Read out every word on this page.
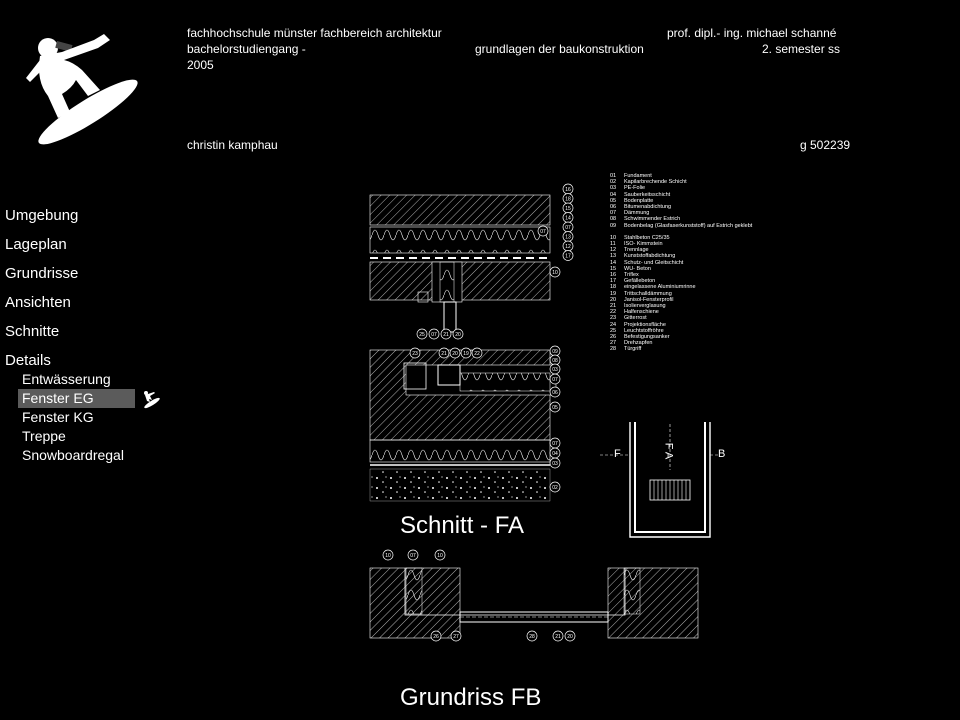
fachhochschule münster fachbereich architektur
bachelorstudiengang -
2005
grundlagen der baukonstruktion
prof. dipl.- ing. michael schanné
2. semester ss
christin kamphau	g 502239
Umgebung
Lageplan
Grundrisse
Ansichten
Schnitte
Details
Entwässerung
Fenster EG
Fenster KG
Treppe
Snowboardregal
01	Fundament
02	Kapilarbrechende Schicht
03	PE-Folie
04	Sauberkeitsschicht
05	Bodenplatte
06	Bitumenabdichtung
07	Dämmung
08	Schwimmender Estrich
09	Bodenbelag (Glasfaserkunststoff) auf Estrich geklebt
10	Stahlbeton C25/35
11	ISO- Kimmstein
12	Trennlage
13	Kunststoffabdichtung
14	Schutz- und Gleitschicht
15	WU- Beton
16	Triflex
17	Gefällebeton
18	eingelassene Aluminiumrinne
19	Trittschalldämmung
20	Janisol-Fensterprofil
21	Isolierverglasung
22	Halfenschiene
23	Gitterrost
24	Projektionsfläche
25	Leuchtstoffröhre
26	Befestigungsanker
27	Drehzapfen
28	Türgriff
16
18
15
14
07
13
12
17
07
10
09
08
03
07
06
05
07
04
03
02
25 07 21 20
23	21 20 19 22
10	07	10
26	27	28	21 20
Schnitt - FA
Grundriss FB
F	B
F A
